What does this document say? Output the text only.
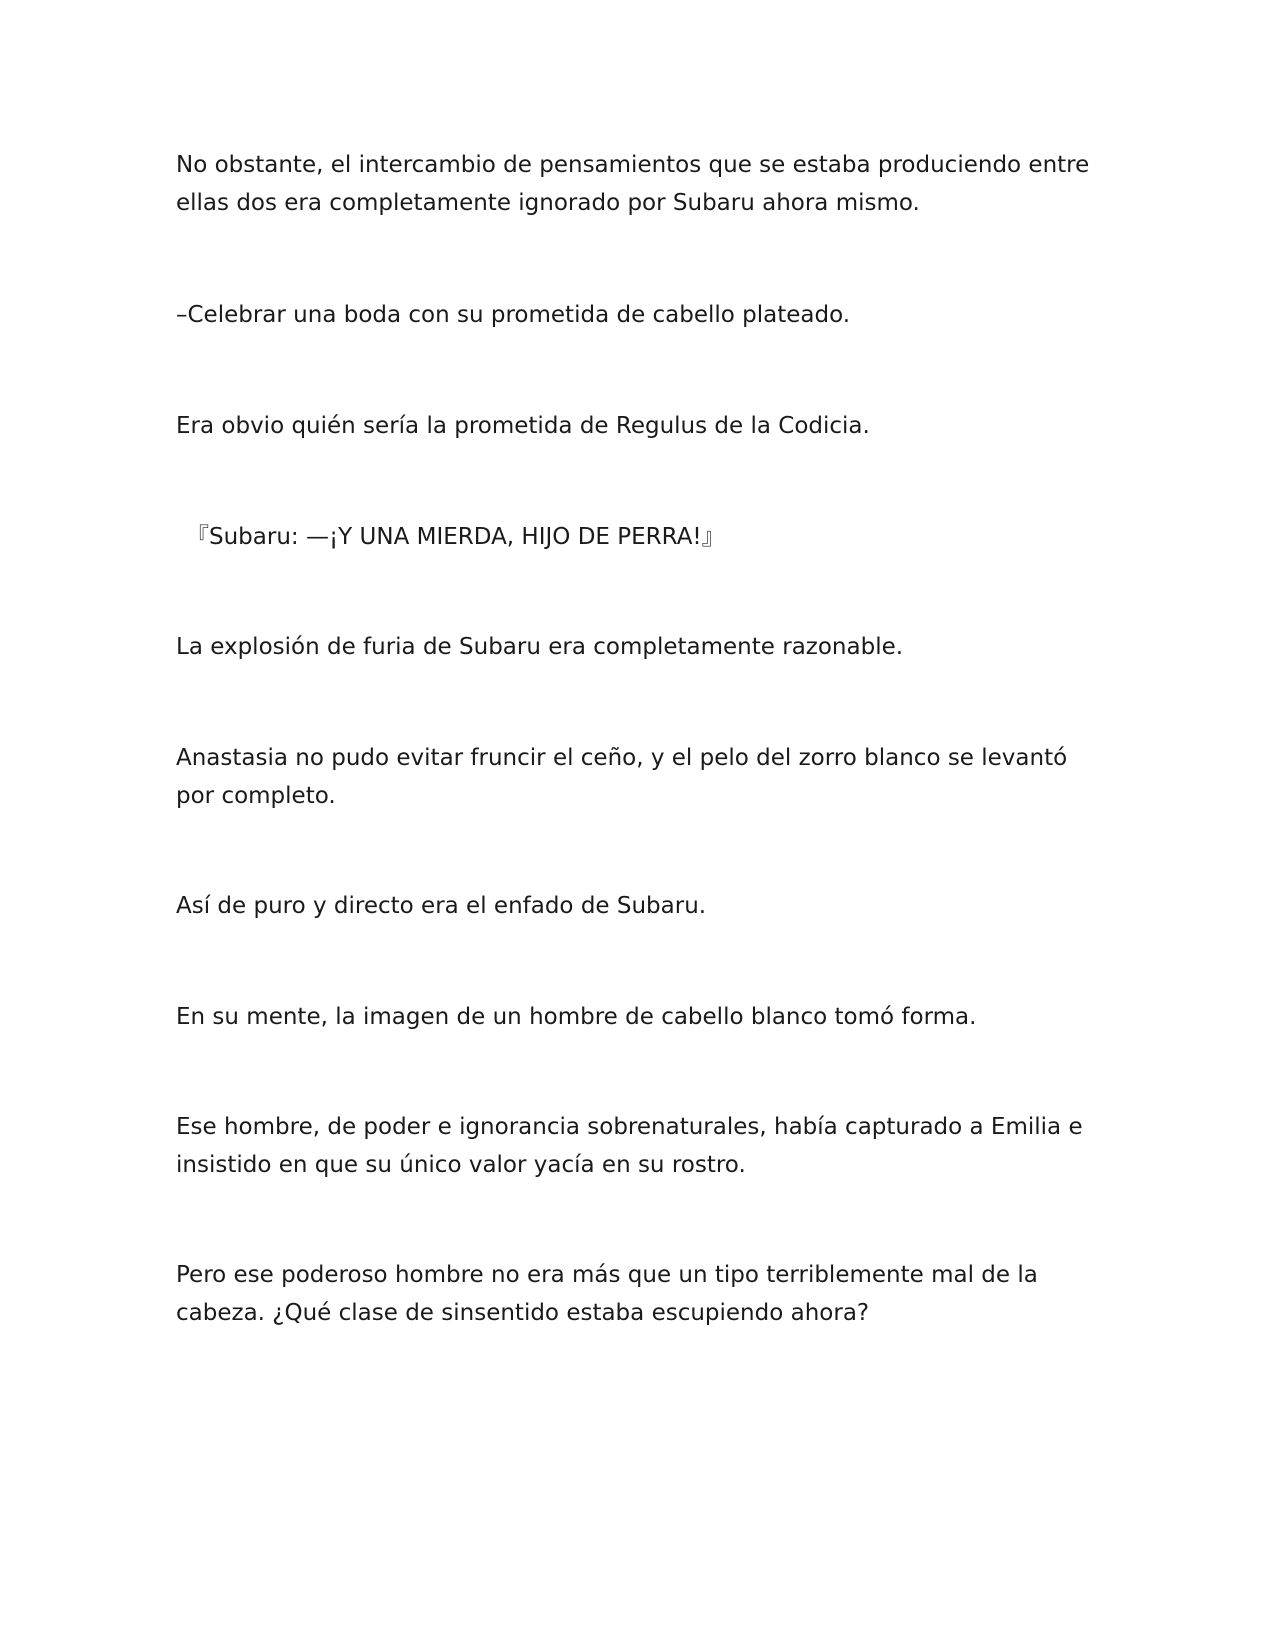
No obstante, el intercambio de pensamientos que se estaba produciendo entre ellas dos era completamente ignorado por Subaru ahora mismo.

–Celebrar una boda con su prometida de cabello plateado.

Era obvio quién sería la prometida de Regulus de la Codicia.

『Subaru: —¡Y UNA MIERDA, HIJO DE PERRA!』

La explosión de furia de Subaru era completamente razonable.

Anastasia no pudo evitar fruncir el ceño, y el pelo del zorro blanco se levantó por completo.

Así de puro y directo era el enfado de Subaru.

En su mente, la imagen de un hombre de cabello blanco tomó forma.

Ese hombre, de poder e ignorancia sobrenaturales, había capturado a Emilia e insistido en que su único valor yacía en su rostro.

Pero ese poderoso hombre no era más que un tipo terriblemente mal de la cabeza. ¿Qué clase de sinsentido estaba escupiendo ahora?
